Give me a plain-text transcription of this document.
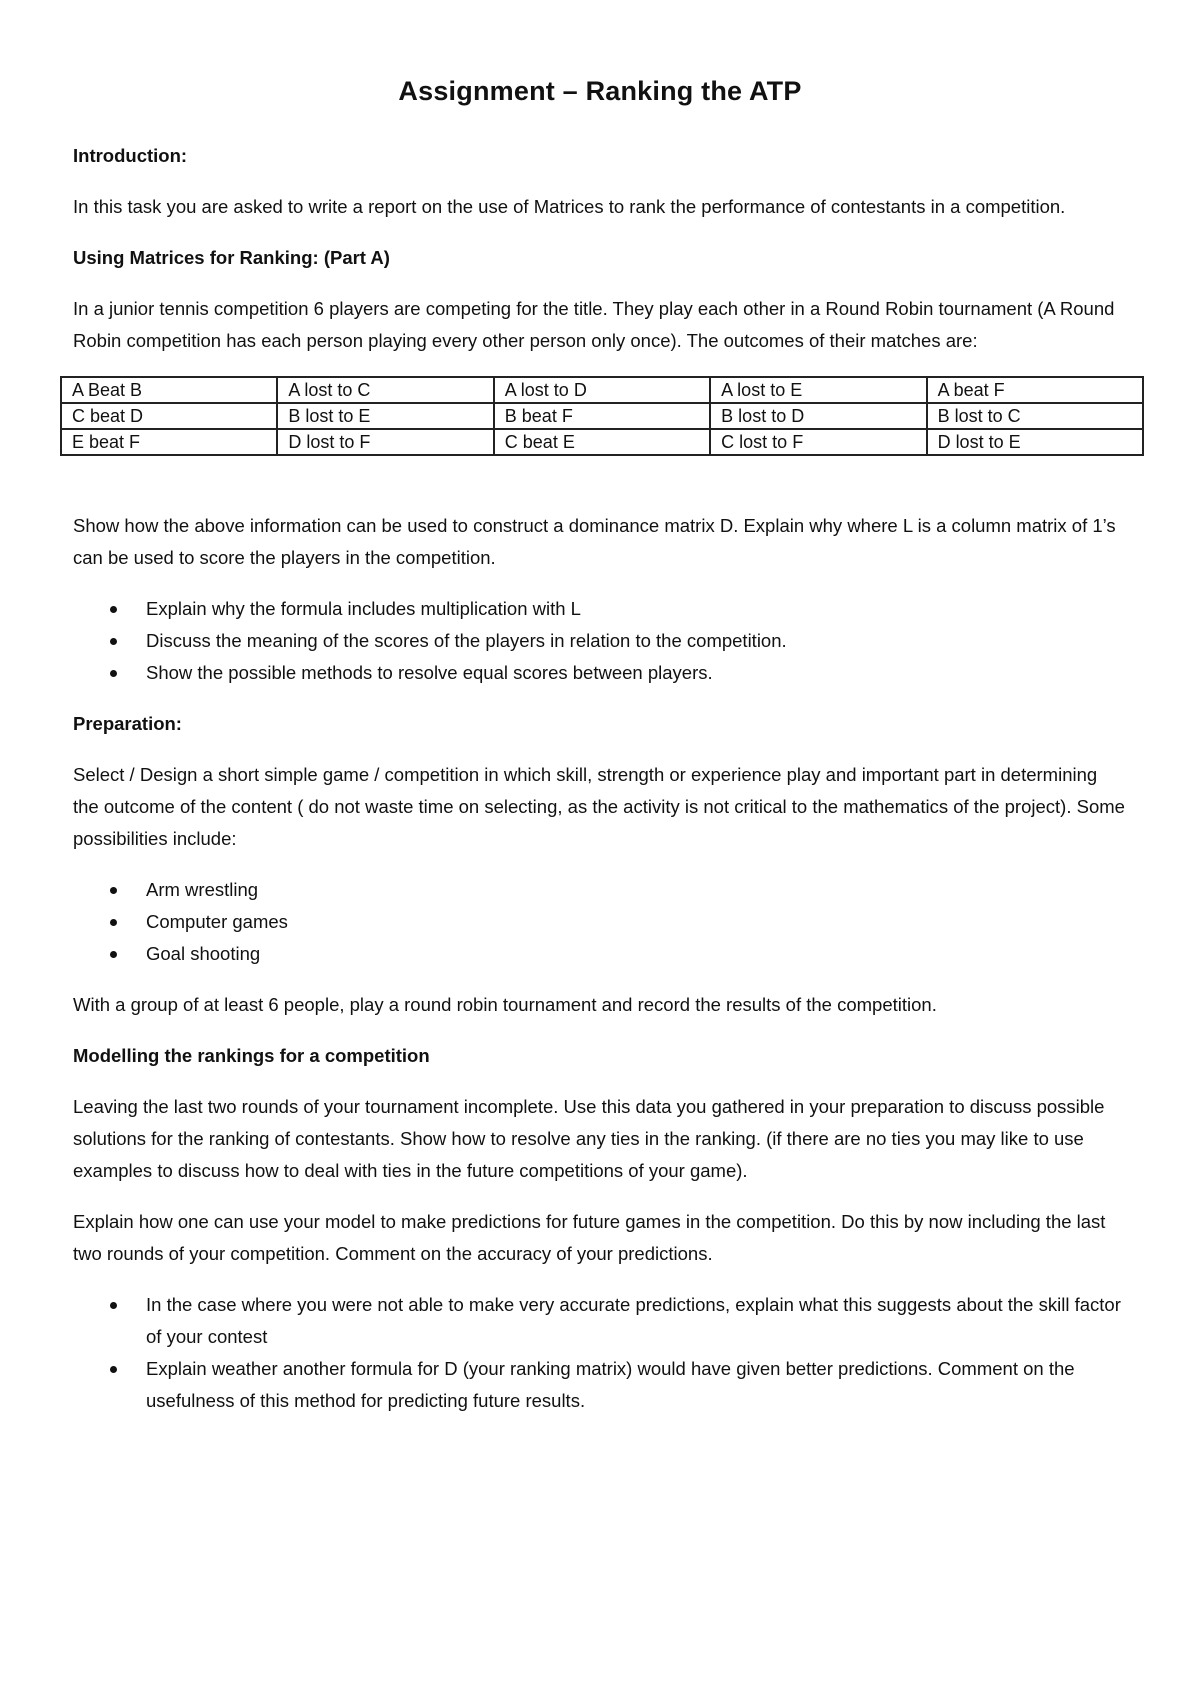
Assignment – Ranking the ATP

Introduction:

In this task you are asked to write a report on the use of Matrices to rank the performance of contestants in a competition.

Using Matrices for Ranking: (Part A)

In a junior tennis competition 6 players are competing for the title. They play each other in a Round Robin tournament (A Round Robin competition has each person playing every other person only once). The outcomes of their matches are:

A Beat B	A lost to C	A lost to D	A lost to E	A beat F
C beat D	B lost to E	B beat F	B lost to D	B lost to C
E beat F	D lost to F	C beat E	C lost to F	D lost to E

Show how the above information can be used to construct a dominance matrix D. Explain why where L is a column matrix of 1’s can be used to score the players in the competition.

Explain why the formula includes multiplication with L
Discuss the meaning of the scores of the players in relation to the competition.
Show the possible methods to resolve equal scores between players.

Preparation:

Select / Design a short simple game / competition in which skill, strength or experience play and important part in determining the outcome of the content ( do not waste time on selecting, as the activity is not critical to the mathematics of the project). Some possibilities include:

Arm wrestling
Computer games
Goal shooting

With a group of at least 6 people, play a round robin tournament and record the results of the competition.

Modelling the rankings for a competition

Leaving the last two rounds of your tournament incomplete. Use this data you gathered in your preparation to discuss possible solutions for the ranking of contestants. Show how to resolve any ties in the ranking. (if there are no ties you may like to use examples to discuss how to deal with ties in the future competitions of your game).

Explain how one can use your model to make predictions for future games in the competition. Do this by now including the last two rounds of your competition. Comment on the accuracy of your predictions.

In the case where you were not able to make very accurate predictions, explain what this suggests about the skill factor of your contest
Explain weather another formula for D (your ranking matrix) would have given better predictions. Comment on the usefulness of this method for predicting future results.
